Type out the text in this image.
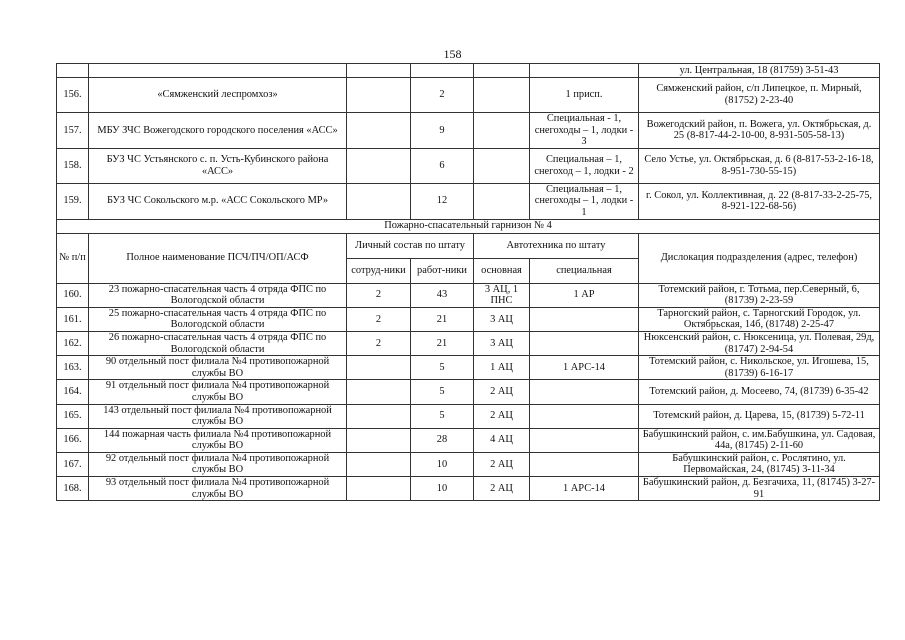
158
						ул. Центральная, 18 (81759) 3-51-43
156.	«Сямженский леспромхоз»		2		1 присп.	Сямженский район, с/п Липецкое, п. Мирный, (81752) 2-23-40
157.	МБУ ЗЧС Вожегодского городского поселения «АСС»		9		Специальная - 1, снегоходы – 1, лодки - 3	Вожегодский район, п. Вожега, ул. Октябрьская, д. 25 (8-817-44-2-10-00, 8-931-505-58-13)
158.	БУЗ ЧС Устьянского с. п. Усть-Кубинского района «АСС»		6		Специальная – 1, снегоход – 1, лодки - 2	Село Устье, ул. Октябрьская, д. 6 (8-817-53-2-16-18, 8-951-730-55-15)
159.	БУЗ ЧС Сокольского м.р. «АСС Сокольского МР»		12		Специальная – 1, снегоходы – 1, лодки - 1	г. Сокол, ул. Коллективная, д. 22 (8-817-33-2-25-75, 8-921-122-68-56)
Пожарно-спасательный гарнизон № 4						
№ п/п	Полное наименование ПСЧ/ПЧ/ОП/АСФ	Личный состав по штату		Автотехника по штату		Дислокация подразделения (адрес, телефон)
		сотруд-ники	работ-ники	основная	специальная	
160.	23 пожарно-спасательная часть 4 отряда ФПС по Вологодской области	2	43	3 АЦ, 1 ПНС	1 АР	Тотемский район, г. Тотьма, пер.Северный, 6, (81739) 2-23-59
161.	25 пожарно-спасательная часть 4 отряда ФПС по Вологодской области	2	21	3 АЦ		Тарногский район, с. Тарногский Городок, ул. Октябрьская, 14б, (81748) 2-25-47
162.	26 пожарно-спасательная часть 4 отряда ФПС по Вологодской области	2	21	3 АЦ		Нюксенский район, с. Нюксеница, ул. Полевая, 29д, (81747) 2-94-54
163.	90 отдельный пост филиала №4 противопожарной службы ВО		5	1 АЦ	1 АРС-14	Тотемский район, с. Никольское, ул. Игошева, 15, (81739) 6-16-17
164.	91 отдельный пост филиала №4 противопожарной службы ВО		5	2 АЦ		Тотемский район, д. Мосеево, 74, (81739) 6-35-42
165.	143 отдельный пост филиала №4 противопожарной службы ВО		5	2 АЦ		Тотемский район, д. Царева, 15, (81739) 5-72-11
166.	144 пожарная часть филиала №4 противопожарной службы ВО		28	4 АЦ		Бабушкинский район, с. им.Бабушкина, ул. Садовая, 44а, (81745) 2-11-60
167.	92 отдельный пост филиала №4 противопожарной службы ВО		10	2 АЦ		Бабушкинский район, с. Рослятино, ул. Первомайская, 24, (81745) 3-11-34
168.	93 отдельный пост филиала №4 противопожарной службы ВО		10	2 АЦ	1 АРС-14	Бабушкинский район, д. Безгачиха, 11, (81745) 3-27-91
